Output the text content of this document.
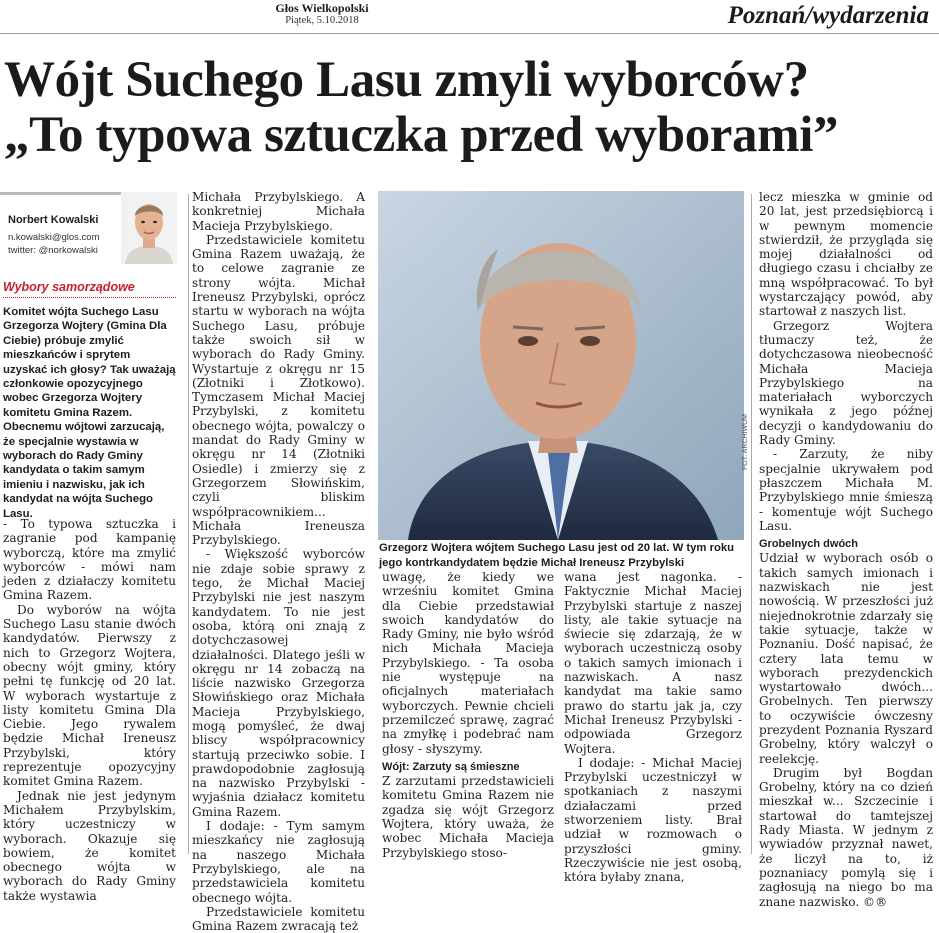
Głos Wielkopolski
Piątek, 5.10.2018	Poznań/wydarzenia
Wójt Suchego Lasu zmyli wyborców?
„To typowa sztuczka przed wyborami”
Norbert Kowalski
n.kowalski@glos.com
twitter: @norkowalski
Wybory samorządowe
Komitet wójta Suchego Lasu Grzegorza Wojtery (Gmina Dla Ciebie) próbuje zmylić mieszkańców i sprytem uzyskać ich głosy? Tak uważają członkowie opozycyjnego wobec Grzegorza Wojtery komitetu Gmina Razem. Obecnemu wójtowi zarzucają, że specjalnie wystawia w wyborach do Rady Gminy kandydata o takim samym imieniu i nazwisku, jak ich kandydat na wójta Suchego Lasu.

- To typowa sztuczka i zagranie pod kampanię wyborczą, które ma zmylić wyborców - mówi nam jeden z działaczy komitetu Gmina Razem.

Do wyborów na wójta Suchego Lasu stanie dwóch kandydatów. Pierwszy z nich to Grzegorz Wojtera, obecny wójt gminy, który pełni tę funkcję od 20 lat. W wyborach wystartuje z listy komitetu Gmina Dla Ciebie. Jego rywalem będzie Michał Ireneusz Przybylski, który reprezentuje opozycyjny komitet Gmina Razem.

Jednak nie jest jedynym Michałem Przybylskim, który uczestniczy w wyborach. Okazuje się bowiem, że komitet obecnego wójta w wyborach do Rady Gminy także wystawia

Michała Przybylskiego. A konkretniej Michała Macieja Przybylskiego.

Przedstawiciele komitetu Gmina Razem uważają, że to celowe zagranie ze strony wójta. Michał Ireneusz Przybylski, oprócz startu w wyborach na wójta Suchego Lasu, próbuje także swoich sił w wyborach do Rady Gminy. Wystartuje z okręgu nr 15 (Złotniki i Złotkowo). Tymczasem Michał Maciej Przybylski, z komitetu obecnego wójta, powalczy o mandat do Rady Gminy w okręgu nr 14 (Złotniki Osiedle) i zmierzy się z Grzegorzem Słowińskim, czyli bliskim współpracownikiem... Michała Ireneusza Przybylskiego.

- Większość wyborców nie zdaje sobie sprawy z tego, że Michał Maciej Przybylski nie jest naszym kandydatem. To nie jest osoba, którą oni znają z dotychczasowej działalności. Dlatego jeśli w okręgu nr 14 zobaczą na liście nazwisko Grzegorza Słowińskiego oraz Michała Macieja Przybylskiego, mogą pomyśleć, że dwaj bliscy współpracownicy startują przeciwko sobie. I prawdopodobnie zagłosują na nazwisko Przybylski - wyjaśnia działacz komitetu Gmina Razem.

I dodaje: - Tym samym mieszkańcy nie zagłosują na naszego Michała Przybylskiego, ale na przedstawiciela komitetu obecnego wójta.

Przedstawiciele komitetu Gmina Razem zwracają też

FOT. ARCHIWUM
Grzegorz Wojtera wójtem Suchego Lasu jest od 20 lat. W tym roku jego kontrkandydatem będzie Michał Ireneusz Przybylski

uwagę, że kiedy we wrześniu komitet Gmina dla Ciebie przedstawiał swoich kandydatów do Rady Gminy, nie było wśród nich Michała Macieja Przybylskiego. - Ta osoba nie występuje na oficjalnych materiałach wyborczych. Pewnie chcieli przemilczeć sprawę, zagrać na zmyłkę i podebrać nam głosy - słyszymy.

Wójt: Zarzuty są śmieszne

Z zarzutami przedstawicieli komitetu Gmina Razem nie zgadza się wójt Grzegorz Wojtera, który uważa, że wobec Michała Macieja Przybylskiego stoso-

wana jest nagonka. - Faktycznie Michał Maciej Przybylski startuje z naszej listy, ale takie sytuacje na świecie się zdarzają, że w wyborach uczestniczą osoby o takich samych imionach i nazwiskach. A nasz kandydat ma takie samo prawo do startu jak ja, czy Michał Ireneusz Przybylski - odpowiada Grzegorz Wojtera.

I dodaje: - Michał Maciej Przybylski uczestniczył w spotkaniach z naszymi działaczami przed stworzeniem listy. Brał udział w rozmowach o przyszłości gminy. Rzeczywiście nie jest osobą, która byłaby znana,

lecz mieszka w gminie od 20 lat, jest przedsiębiorcą i w pewnym momencie stwierdził, że przygląda się mojej działalności od długiego czasu i chciałby ze mną współpracować. To był wystarczający powód, aby startował z naszych list.

Grzegorz Wojtera tłumaczy też, że dotychczasowa nieobecność Michała Macieja Przybylskiego na materiałach wyborczych wynikała z jego późnej decyzji o kandydowaniu do Rady Gminy.

- Zarzuty, że niby specjalnie ukrywałem pod płaszczem Michała M. Przybylskiego mnie śmieszą - komentuje wójt Suchego Lasu.

Grobelnych dwóch

Udział w wyborach osób o takich samych imionach i nazwiskach nie jest nowością. W przeszłości już niejednokrotnie zdarzały się takie sytuacje, także w Poznaniu. Dość napisać, że cztery lata temu w wyborach prezydenckich wystartowało dwóch... Grobelnych. Ten pierwszy to oczywiście ówczesny prezydent Poznania Ryszard Grobelny, który walczył o reelekcję.

Drugim był Bogdan Grobelny, który na co dzień mieszkał w... Szczecinie i startował do tamtejszej Rady Miasta. W jednym z wywiadów przyznał nawet, że liczył na to, iż poznaniacy pomylą się i zagłosują na niego bo ma znane nazwisko. ©®
